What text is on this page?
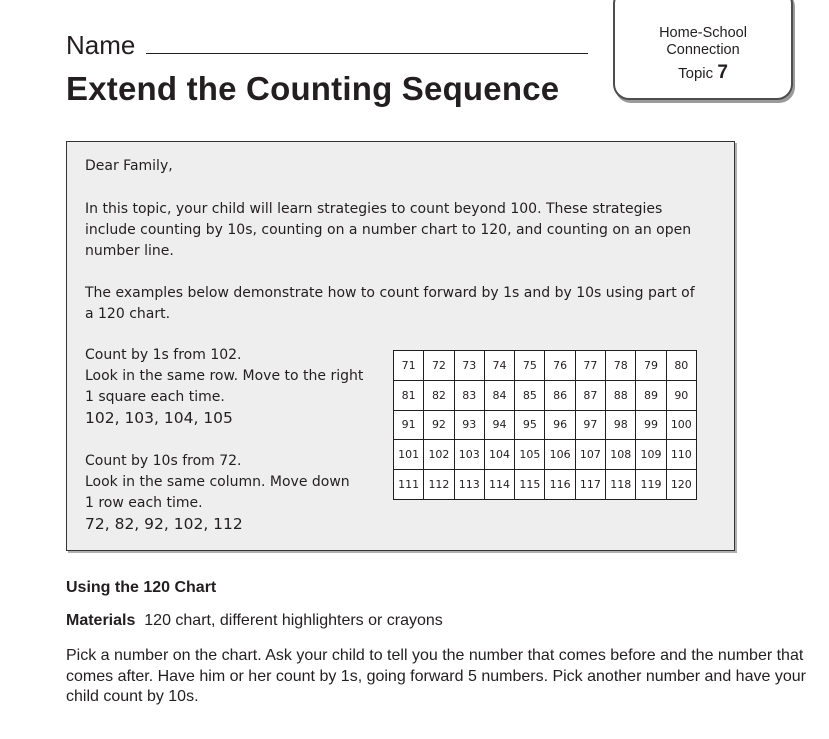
Name
Extend the Counting Sequence
Home-School
Connection
Topic 7
Dear Family,
In this topic, your child will learn strategies to count beyond 100. These strategies include counting by 10s, counting on a number chart to 120, and counting on an open number line.
The examples below demonstrate how to count forward by 1s and by 10s using part of a 120 chart.
Count by 1s from 102.
Look in the same row. Move to the right
1 square each time.
102, 103, 104, 105
Count by 10s from 72.
Look in the same column. Move down
1 row each time.
72, 82, 92, 102, 112
71	72	73	74	75	76	77	78	79	80
81	82	83	84	85	86	87	88	89	90
91	92	93	94	95	96	97	98	99	100
101	102	103	104	105	106	107	108	109	110
111	112	113	114	115	116	117	118	119	120
Using the 120 Chart
Materials 120 chart, different highlighters or crayons
Pick a number on the chart. Ask your child to tell you the number that comes before and the number that comes after. Have him or her count by 1s, going forward 5 numbers. Pick another number and have your child count by 10s.
